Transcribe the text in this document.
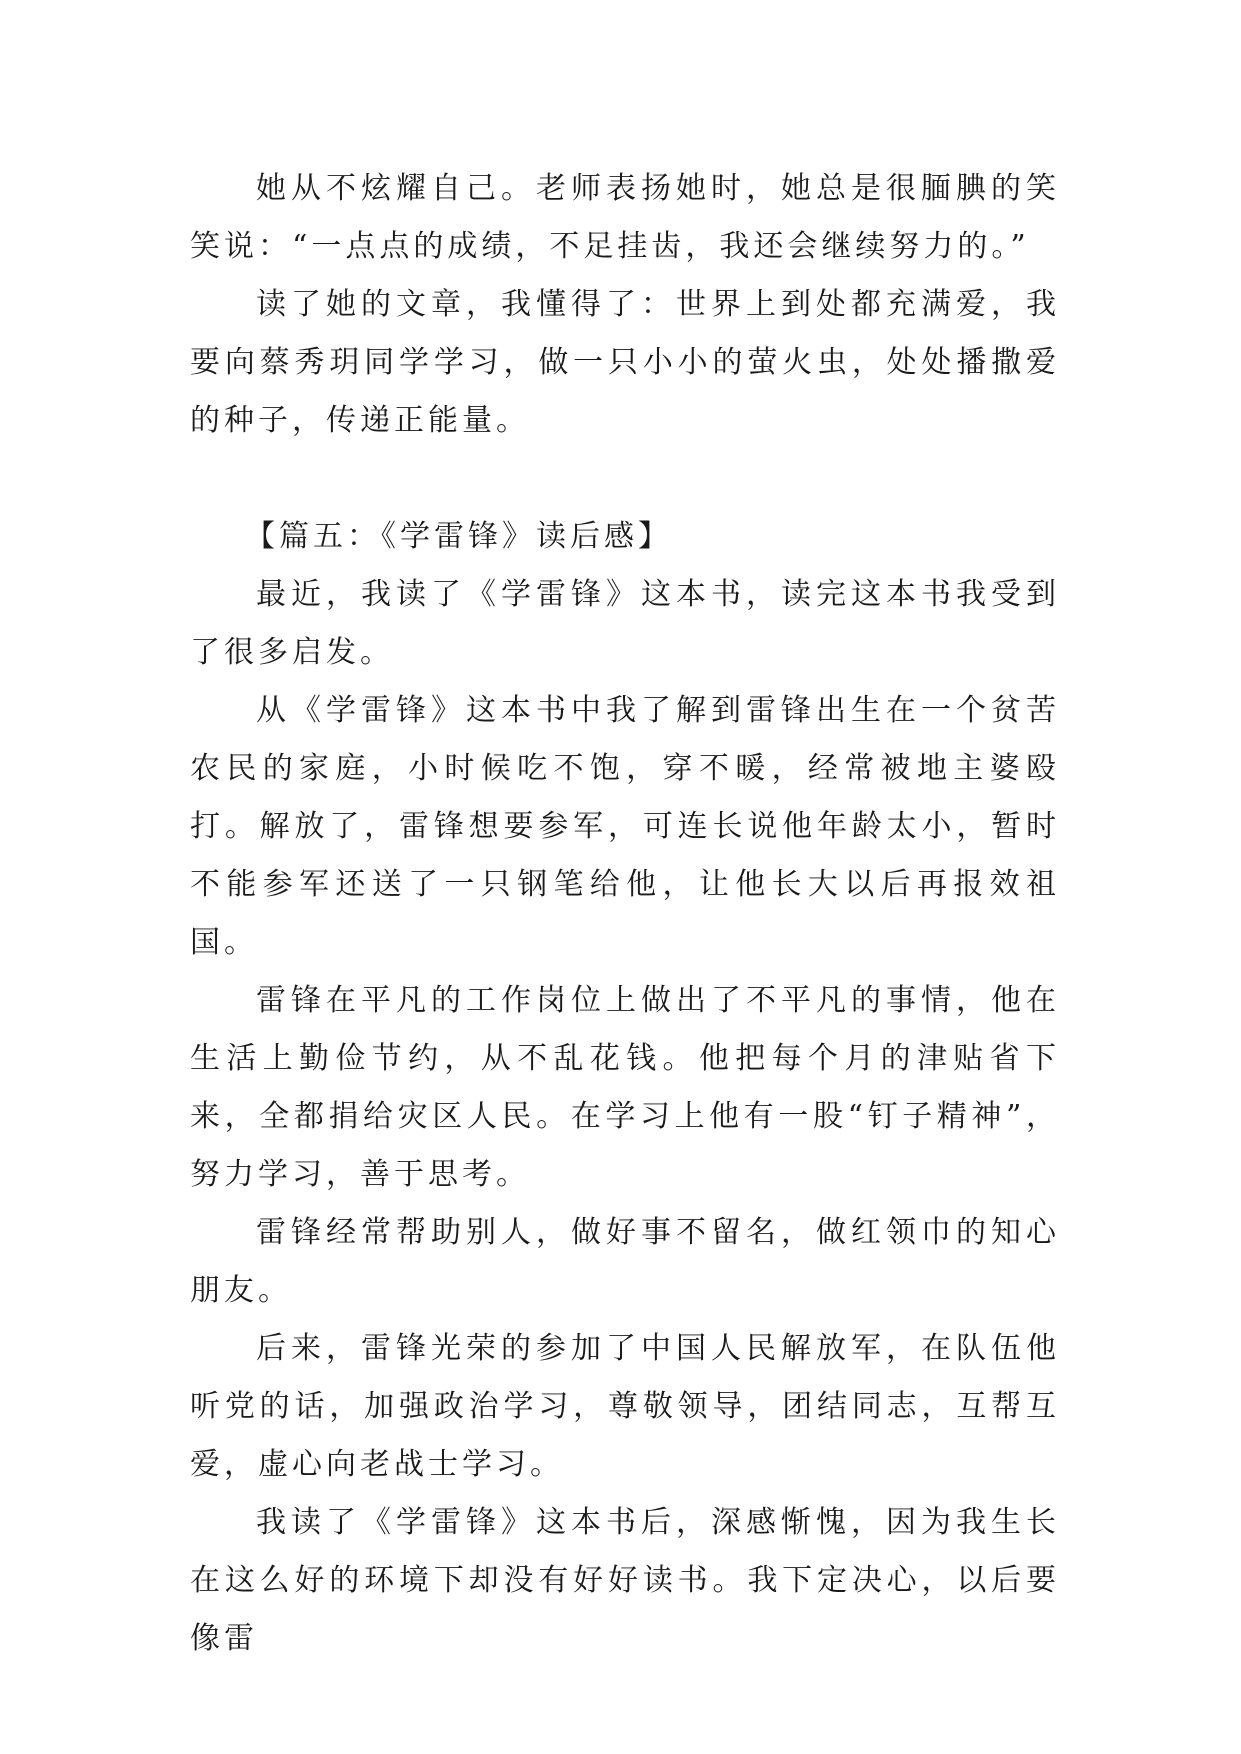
她从不炫耀自己。老师表扬她时，她总是很腼腆的笑笑说：“一点点的成绩，不足挂齿，我还会继续努力的。”

读了她的文章，我懂得了：世界上到处都充满爱，我要向蔡秀玥同学学习，做一只小小的萤火虫，处处播撒爱的种子，传递正能量。

【篇五：《学雷锋》读后感】

最近，我读了《学雷锋》这本书，读完这本书我受到了很多启发。

从《学雷锋》这本书中我了解到雷锋出生在一个贫苦农民的家庭，小时候吃不饱，穿不暖，经常被地主婆殴打。解放了，雷锋想要参军，可连长说他年龄太小，暂时不能参军还送了一只钢笔给他，让他长大以后再报效祖国。

雷锋在平凡的工作岗位上做出了不平凡的事情，他在生活上勤俭节约，从不乱花钱。他把每个月的津贴省下来，全都捐给灾区人民。在学习上他有一股“钉子精神”，努力学习，善于思考。

雷锋经常帮助别人，做好事不留名，做红领巾的知心朋友。

后来，雷锋光荣的参加了中国人民解放军，在队伍他听党的话，加强政治学习，尊敬领导，团结同志，互帮互爱，虚心向老战士学习。

我读了《学雷锋》这本书后，深感惭愧，因为我生长在这么好的环境下却没有好好读书。我下定决心，以后要像雷
